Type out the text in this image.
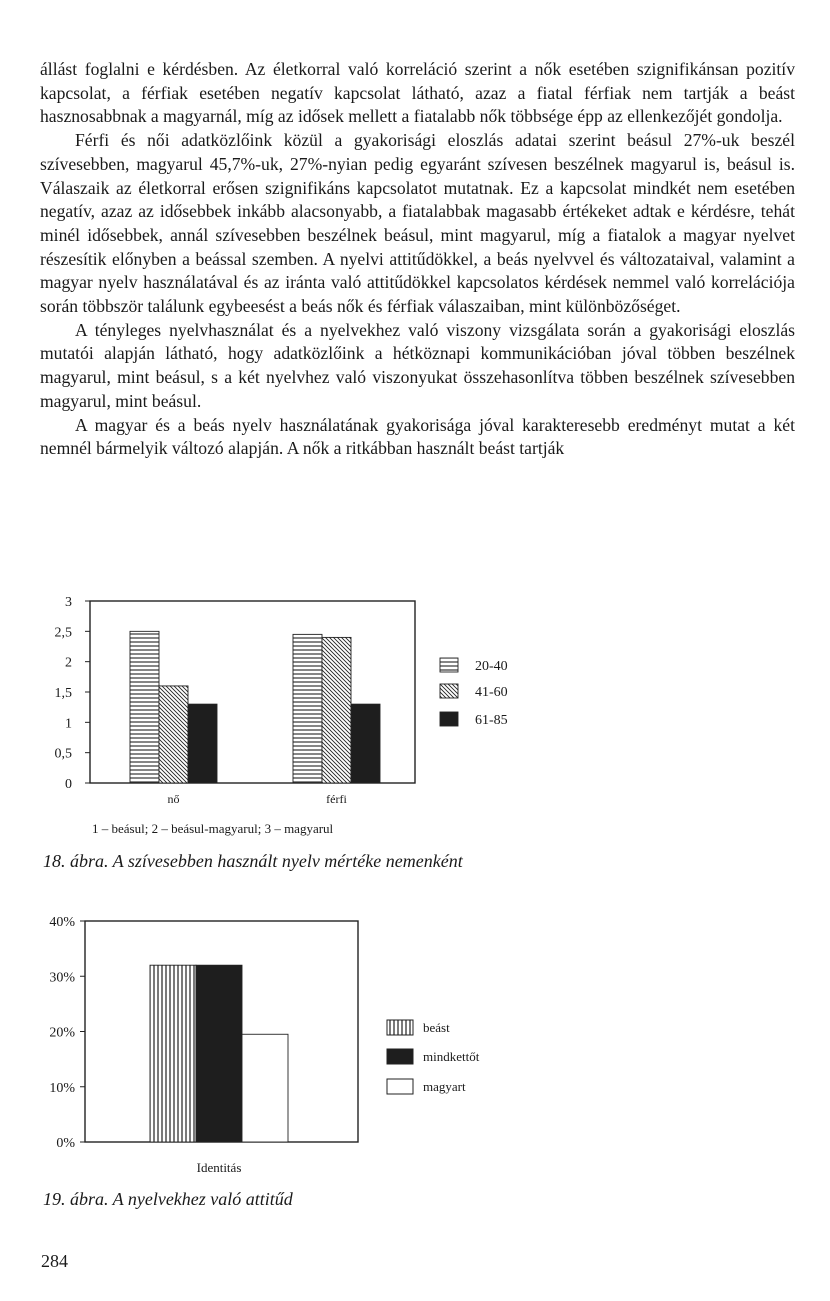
állást foglalni e kérdésben. Az életkorral való korreláció szerint a nők esetében szignifikánsan pozitív kapcsolat, a férfiak esetében negatív kapcsolat látható, azaz a fiatal férfiak nem tartják a beást hasznosabbnak a magyarnál, míg az idősek mellett a fiatalabb nők többsége épp az ellenkezőjét gondolja.

Férfi és női adatközlőink közül a gyakorisági eloszlás adatai szerint beásul 27%-uk beszél szívesebben, magyarul 45,7%-uk, 27%-nyian pedig egyaránt szívesen beszélnek magyarul is, beásul is. Válaszaik az életkorral erősen szignifikáns kapcsolatot mutatnak. Ez a kapcsolat mindkét nem esetében negatív, azaz az idősebbek inkább alacsonyabb, a fiatalabbak magasabb értékeket adtak e kérdésre, tehát minél idősebbek, annál szívesebben beszélnek beásul, mint magyarul, míg a fiatalok a magyar nyelvet részesítik előnyben a beással szemben. A nyelvi attitűdökkel, a beás nyelvvel és változataival, valamint a magyar nyelv használatával és az iránta való attitűdökkel kapcsolatos kérdések nemmel való korrelációja során többször találunk egybeesést a beás nők és férfiak válaszaiban, mint különbözőséget.

A tényleges nyelvhasználat és a nyelvekhez való viszony vizsgálata során a gyakorisági eloszlás mutatói alapján látható, hogy adatközlőink a hétköznapi kommunikációban jóval többen beszélnek magyarul, mint beásul, s a két nyelvhez való viszonyukat összehasonlítva többen beszélnek szívesebben magyarul, mint beásul.

A magyar és a beás nyelv használatának gyakorisága jóval karakteresebb eredményt mutat a két nemnél bármelyik változó alapján. A nők a ritkábban használt beást tartják

0
0,5
1
1,5
2
2,5
3
nő	férfi
20-40
41-60
61-85
1 – beásul; 2 – beásul-magyarul; 3 – magyarul
18. ábra. A szívesebben használt nyelv mértéke nemenként
0%
10%
20%
30%
40%
Identitás
beást
mindkettőt
magyart
19. ábra. A nyelvekhez való attitűd
284
